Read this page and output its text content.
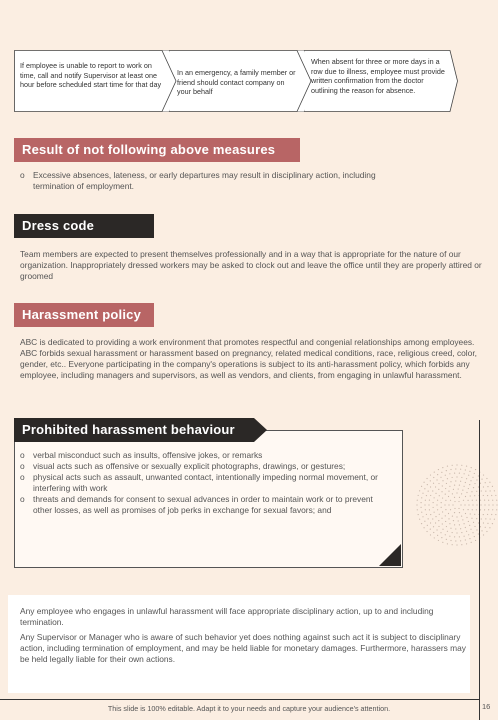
If employee is unable to report to work on time, call and notify Supervisor at least one hour before scheduled start time for that day
In an emergency, a family member or friend should contact company on your behalf
When absent for three or more days in a row due to illness, employee must provide written confirmation from the doctor outlining the reason for absence.
Result of not following above measures
o Excessive absences, lateness, or early departures may result in disciplinary action, including termination of employment.
Dress code
Team members are expected to present themselves professionally and in a way that is appropriate for the nature of our organization. Inappropriately dressed workers may be asked to clock out and leave the office until they are properly attired or groomed
Harassment policy
ABC is dedicated to providing a work environment that promotes respectful and congenial relationships among employees. ABC forbids sexual harassment or harassment based on pregnancy, related medical conditions, race, religious creed, color, gender, etc.. Everyone participating in the company's operations is subject to its anti-harassment policy, which forbids any employee, including managers and supervisors, as well as vendors, and clients, from engaging in unlawful harassment.
Prohibited harassment behaviour
o verbal misconduct such as insults, offensive jokes, or remarks
o visual acts such as offensive or sexually explicit photographs, drawings, or gestures;
o physical acts such as assault, unwanted contact, intentionally impeding normal movement, or interfering with work
o threats and demands for consent to sexual advances in order to maintain work or to prevent other losses, as well as promises of job perks in exchange for sexual favors; and
Any employee who engages in unlawful harassment will face appropriate disciplinary action, up to and including termination.
Any Supervisor or Manager who is aware of such behavior yet does nothing against such act it is subject to disciplinary action, including termination of employment, and may be held liable for monetary damages. Furthermore, harassers may be held legally liable for their own actions.
This slide is 100% editable. Adapt it to your needs and capture your audience's attention.	16
